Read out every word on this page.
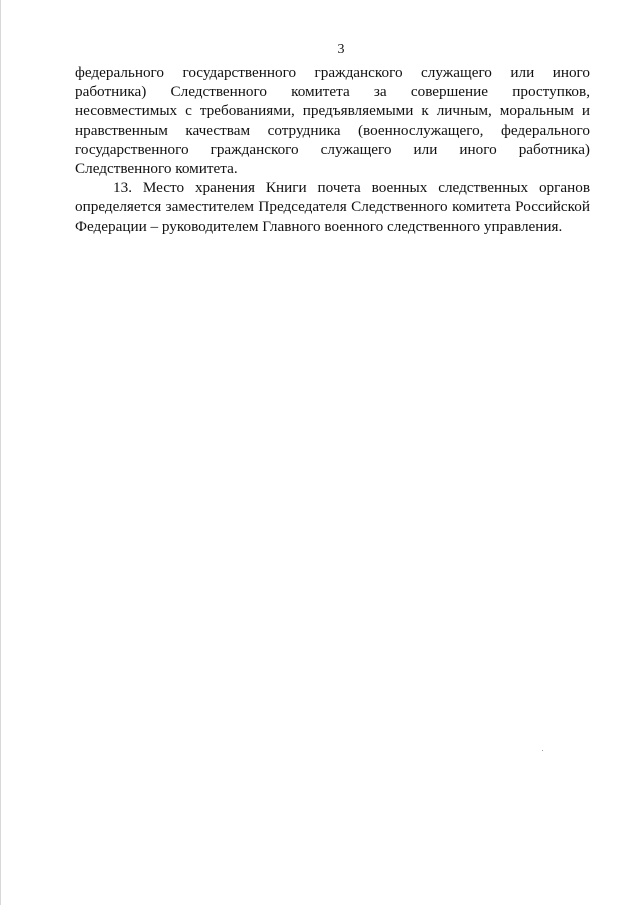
3

федерального государственного гражданского служащего или иного работника) Следственного комитета за совершение проступков, несовместимых с требованиями, предъявляемыми к личным, моральным и нравственным качествам сотрудника (военнослужащего, федерального государственного гражданского служащего или иного работника) Следственного комитета.

13. Место хранения Книги почета военных следственных органов определяется заместителем Председателя Следственного комитета Российской Федерации – руководителем Главного военного следственного управления.
